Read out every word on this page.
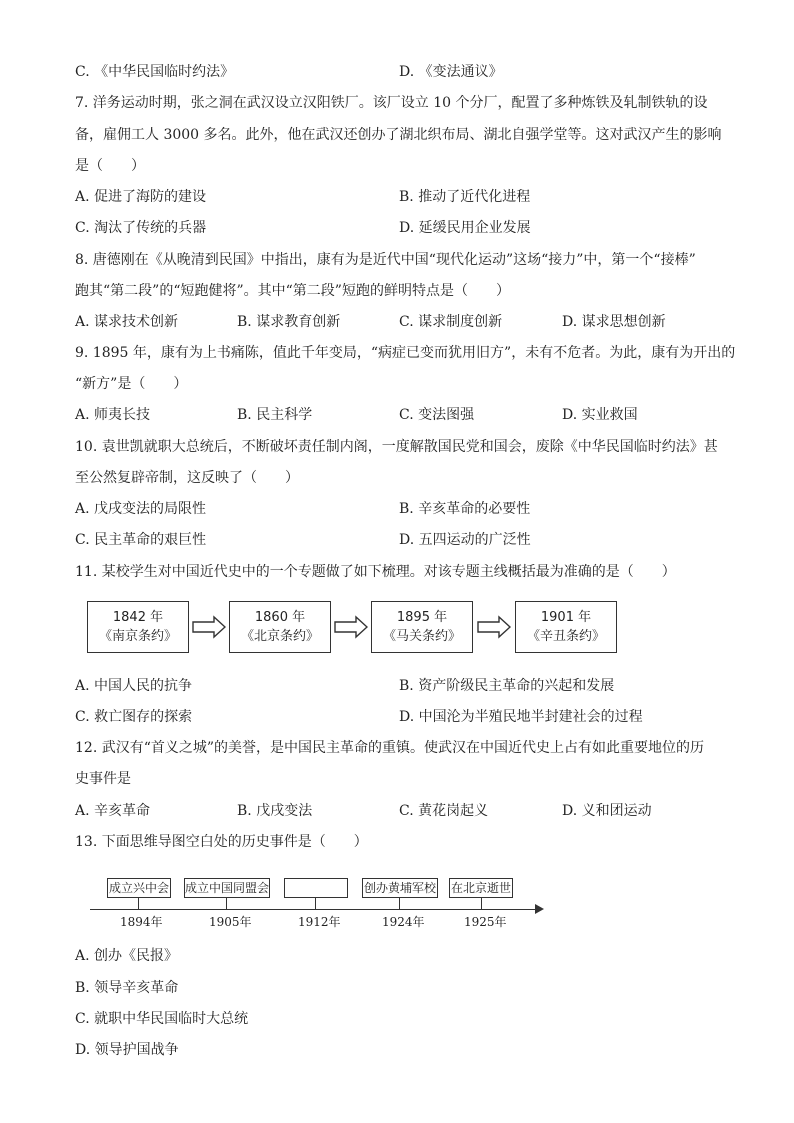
C. 《中华民国临时约法》	D. 《变法通议》
7. 洋务运动时期，张之洞在武汉设立汉阳铁厂。该厂设立 10 个分厂，配置了多种炼铁及轧制铁轨的设
备，雇佣工人 3000 多名。此外，他在武汉还创办了湖北织布局、湖北自强学堂等。这对武汉产生的影响
是（　　）
A. 促进了海防的建设	B. 推动了近代化进程
C. 淘汰了传统的兵器	D. 延缓民用企业发展
8. 唐德刚在《从晚清到民国》中指出，康有为是近代中国“现代化运动”这场“接力”中，第一个“接棒”
跑其“第二段”的“短跑健将”。其中“第二段”短跑的鲜明特点是（　　）
A. 谋求技术创新	B. 谋求教育创新	C. 谋求制度创新	D. 谋求思想创新
9. 1895 年，康有为上书痛陈，值此千年变局，“病症已变而犹用旧方”，未有不危者。为此，康有为开出的
“新方”是（　　）
A. 师夷长技	B. 民主科学	C. 变法图强	D. 实业救国
10. 袁世凯就职大总统后，不断破坏责任制内阁，一度解散国民党和国会，废除《中华民国临时约法》甚
至公然复辟帝制，这反映了（　　）
A. 戊戌变法的局限性	B. 辛亥革命的必要性
C. 民主革命的艰巨性	D. 五四运动的广泛性
11. 某校学生对中国近代史中的一个专题做了如下梳理。对该专题主线概括最为准确的是（　　）
1842 年
《南京条约》
1860 年
《北京条约》
1895 年
《马关条约》
1901 年
《辛丑条约》
A. 中国人民的抗争	B. 资产阶级民主革命的兴起和发展
C. 救亡图存的探索	D. 中国沦为半殖民地半封建社会的过程
12. 武汉有“首义之城”的美誉，是中国民主革命的重镇。使武汉在中国近代史上占有如此重要地位的历
史事件是
A. 辛亥革命	B. 戊戌变法	C. 黄花岗起义	D. 义和团运动
13. 下面思维导图空白处的历史事件是（　　）
成立兴中会
1894年
成立中国同盟会
1905年	1912年
创办黄埔军校
1924年
在北京逝世
1925年
A. 创办《民报》
B. 领导辛亥革命
C. 就职中华民国临时大总统
D. 领导护国战争
